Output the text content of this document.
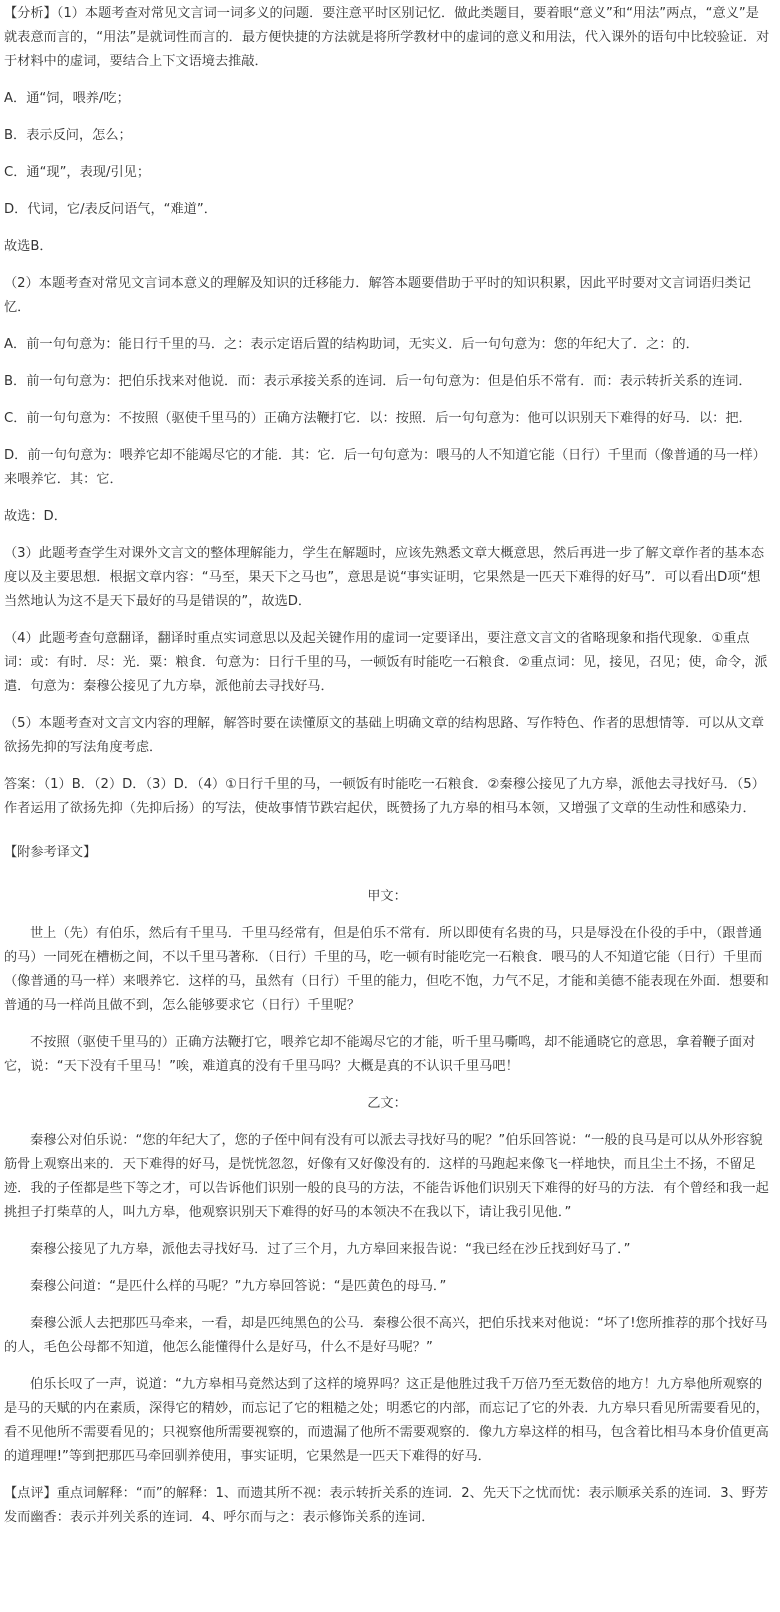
【分析】（1）本题考查对常见文言词一词多义的问题．要注意平时区别记忆．做此类题目，要着眼“意义”和“用法”两点，“意义”是就表意而言的，“用法”是就词性而言的．最方便快捷的方法就是将所学教材中的虚词的意义和用法，代入课外的语句中比较验证．对于材料中的虚词，要结合上下文语境去推敲．

A．通“饲，喂养/吃；

B．表示反问，怎么；

C．通“现”，表现/引见；

D．代词，它/表反问语气，“难道”．

故选B．

（2）本题考查对常见文言词本意义的理解及知识的迁移能力．解答本题要借助于平时的知识积累，因此平时要对文言词语归类记忆．

A．前一句句意为：能日行千里的马．之：表示定语后置的结构助词，无实义．后一句句意为：您的年纪大了．之：的．

B．前一句句意为：把伯乐找来对他说．而：表示承接关系的连词．后一句句意为：但是伯乐不常有．而：表示转折关系的连词．

C．前一句句意为：不按照（驱使千里马的）正确方法鞭打它．以：按照．后一句句意为：他可以识别天下难得的好马．以：把．

D．前一句句意为：喂养它却不能竭尽它的才能．其：它．后一句句意为：喂马的人不知道它能（日行）千里而（像普通的马一样）来喂养它．其：它．

故选：D．

（3）此题考查学生对课外文言文的整体理解能力，学生在解题时，应该先熟悉文章大概意思，然后再进一步了解文章作者的基本态度以及主要思想．根据文章内容：“马至，果天下之马也”，意思是说“事实证明，它果然是一匹天下难得的好马”．可以看出D项“想当然地认为这不是天下最好的马是错误的”，故选D．

（4）此题考查句意翻译，翻译时重点实词意思以及起关键作用的虚词一定要译出，要注意文言文的省略现象和指代现象．①重点词：或：有时．尽：光．粟：粮食．句意为：日行千里的马，一顿饭有时能吃一石粮食．②重点词：见，接见，召见；使，命令，派遣．句意为：秦穆公接见了九方皋，派他前去寻找好马．

（5）本题考查对文言文内容的理解，解答时要在读懂原文的基础上明确文章的结构思路、写作特色、作者的思想情等．可以从文章欲扬先抑的写法角度考虑．

答案：（1）B．（2）D．（3）D．（4）①日行千里的马，一顿饭有时能吃一石粮食．②秦穆公接见了九方皋，派他去寻找好马．（5）作者运用了欲扬先抑（先抑后扬）的写法，使故事情节跌宕起伏，既赞扬了九方皋的相马本领，又增强了文章的生动性和感染力．

【附参考译文】

甲文：

世上（先）有伯乐，然后有千里马．千里马经常有，但是伯乐不常有．所以即使有名贵的马，只是辱没在仆役的手中，（跟普通的马）一同死在槽枥之间，不以千里马著称．（日行）千里的马，吃一顿有时能吃完一石粮食．喂马的人不知道它能（日行）千里而（像普通的马一样）来喂养它．这样的马，虽然有（日行）千里的能力，但吃不饱，力气不足，才能和美德不能表现在外面．想要和普通的马一样尚且做不到，怎么能够要求它（日行）千里呢？

不按照（驱使千里马的）正确方法鞭打它，喂养它却不能竭尽它的才能，听千里马嘶鸣，却不能通晓它的意思，拿着鞭子面对它，说：“天下没有千里马！”唉，难道真的没有千里马吗？大概是真的不认识千里马吧！

乙文：

秦穆公对伯乐说：“您的年纪大了，您的子侄中间有没有可以派去寻找好马的呢？”伯乐回答说：“一般的良马是可以从外形容貌筋骨上观察出来的．天下难得的好马，是恍恍忽忽，好像有又好像没有的．这样的马跑起来像飞一样地快，而且尘土不扬，不留足迹．我的子侄都是些下等之才，可以告诉他们识别一般的良马的方法，不能告诉他们识别天下难得的好马的方法．有个曾经和我一起挑担子打柴草的人，叫九方皋，他观察识别天下难得的好马的本领决不在我以下，请让我引见他．”

秦穆公接见了九方皋，派他去寻找好马．过了三个月，九方皋回来报告说：“我已经在沙丘找到好马了．”

秦穆公问道：“是匹什么样的马呢？”九方皋回答说：“是匹黄色的母马．”

秦穆公派人去把那匹马牵来，一看，却是匹纯黑色的公马．秦穆公很不高兴，把伯乐找来对他说：“坏了!您所推荐的那个找好马的人，毛色公母都不知道，他怎么能懂得什么是好马，什么不是好马呢？”

伯乐长叹了一声，说道：“九方皋相马竟然达到了这样的境界吗？这正是他胜过我千万倍乃至无数倍的地方！九方皋他所观察的是马的天赋的内在素质，深得它的精妙，而忘记了它的粗糙之处；明悉它的内部，而忘记了它的外表．九方皋只看见所需要看见的，看不见他所不需要看见的；只视察他所需要视察的，而遗漏了他所不需要观察的．像九方皋这样的相马，包含着比相马本身价值更高的道理哩!”等到把那匹马牵回驯养使用，事实证明，它果然是一匹天下难得的好马．

【点评】重点词解释：“而”的解释：1、而遗其所不视：表示转折关系的连词．2、先天下之忧而忧：表示顺承关系的连词．3、野芳发而幽香：表示并列关系的连词．4、呼尔而与之：表示修饰关系的连词．
